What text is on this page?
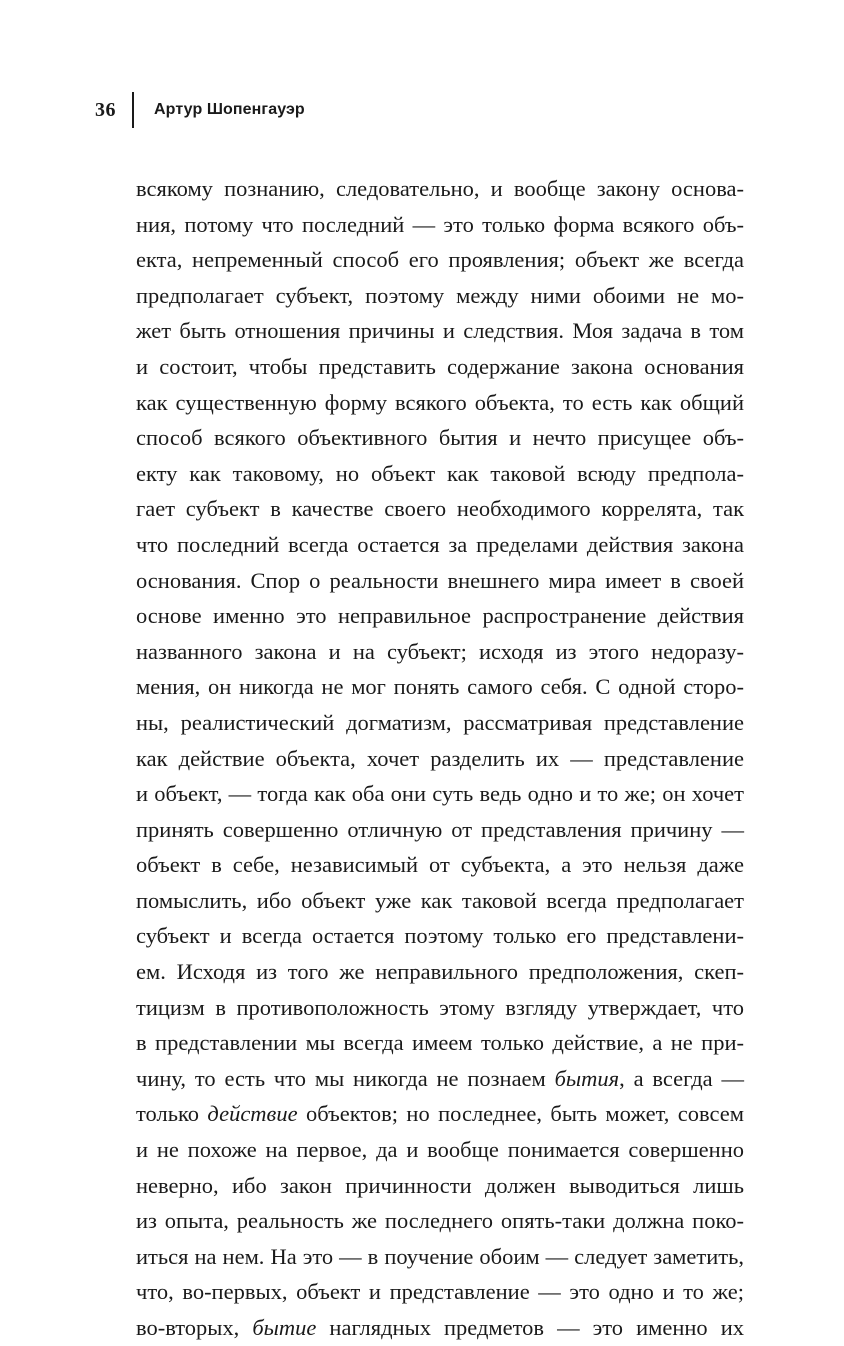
36 Артур Шопенгауэр
всякому познанию, следовательно, и вообще закону основа-
ния, потому что последний — это только форма всякого объ-
екта, непременный способ его проявления; объект же всегда
предполагает субъект, поэтому между ними обоими не мо-
жет быть отношения причины и следствия. Моя задача в том
и состоит, чтобы представить содержание закона основания
как существенную форму всякого объекта, то есть как общий
способ всякого объективного бытия и нечто присущее объ-
екту как таковому, но объект как таковой всюду предпола-
гает субъект в качестве своего необходимого коррелята, так
что последний всегда остается за пределами действия закона
основания. Спор о реальности внешнего мира имеет в своей
основе именно это неправильное распространение действия
названного закона и на субъект; исходя из этого недоразу-
мения, он никогда не мог понять самого себя. С одной сторо-
ны, реалистический догматизм, рассматривая представление
как действие объекта, хочет разделить их — представление
и объект, — тогда как оба они суть ведь одно и то же; он хочет
принять совершенно отличную от представления причину —
объект в себе, независимый от субъекта, а это нельзя даже
помыслить, ибо объект уже как таковой всегда предполагает
субъект и всегда остается поэтому только его представлени-
ем. Исходя из того же неправильного предположения, скеп-
тицизм в противоположность этому взгляду утверждает, что
в представлении мы всегда имеем только действие, а не при-
чину, то есть что мы никогда не познаем бытия, а всегда —
только действие объектов; но последнее, быть может, совсем
и не похоже на первое, да и вообще понимается совершенно
неверно, ибо закон причинности должен выводиться лишь
из опыта, реальность же последнего опять-таки должна поко-
иться на нем. На это — в поучение обоим — следует заметить,
что, во-первых, объект и представление — это одно и то же;
во-вторых, бытие наглядных предметов — это именно их
